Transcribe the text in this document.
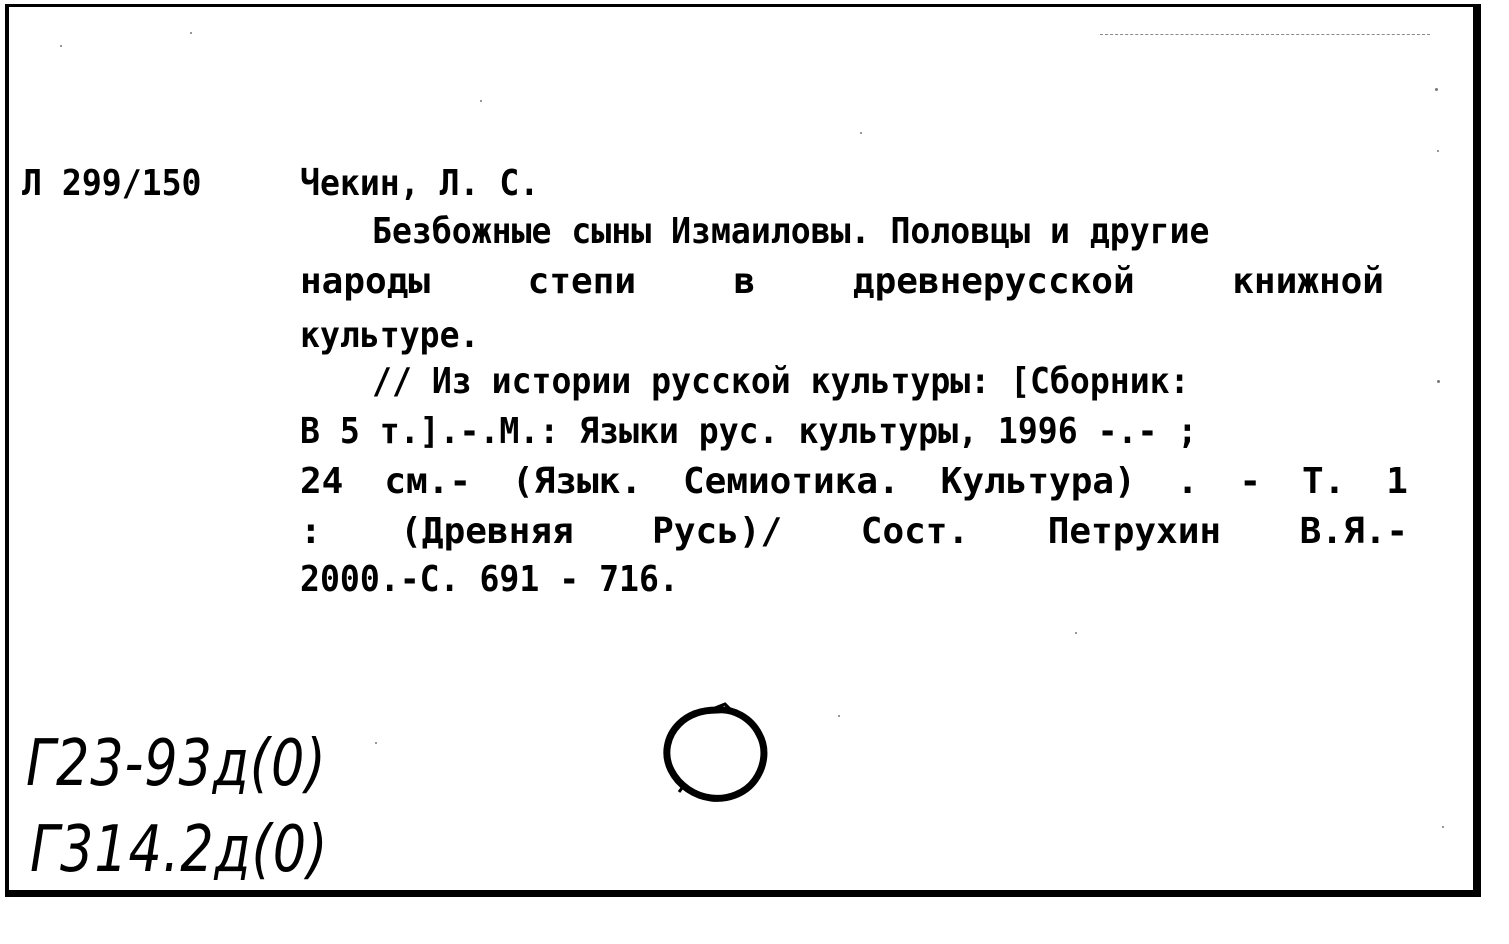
Л 299/150	Чекин, Л. С.
Безбожные сыны Измаиловы. Половцы и другие
народы	степи	в	древнерусской	книжной
культуре.
// Из истории русской культуры: [Сборник:
В 5 т.].-.М.: Языки рус. культуры, 1996 -.- ;
24 см.- (Язык. Семиотика. Культура) . - Т. 1
: (Древняя Русь)/ Сост. Петрухин В.Я.-
2000.-С. 691 - 716.
Г23-93д(0)
Г314.2д(0)
